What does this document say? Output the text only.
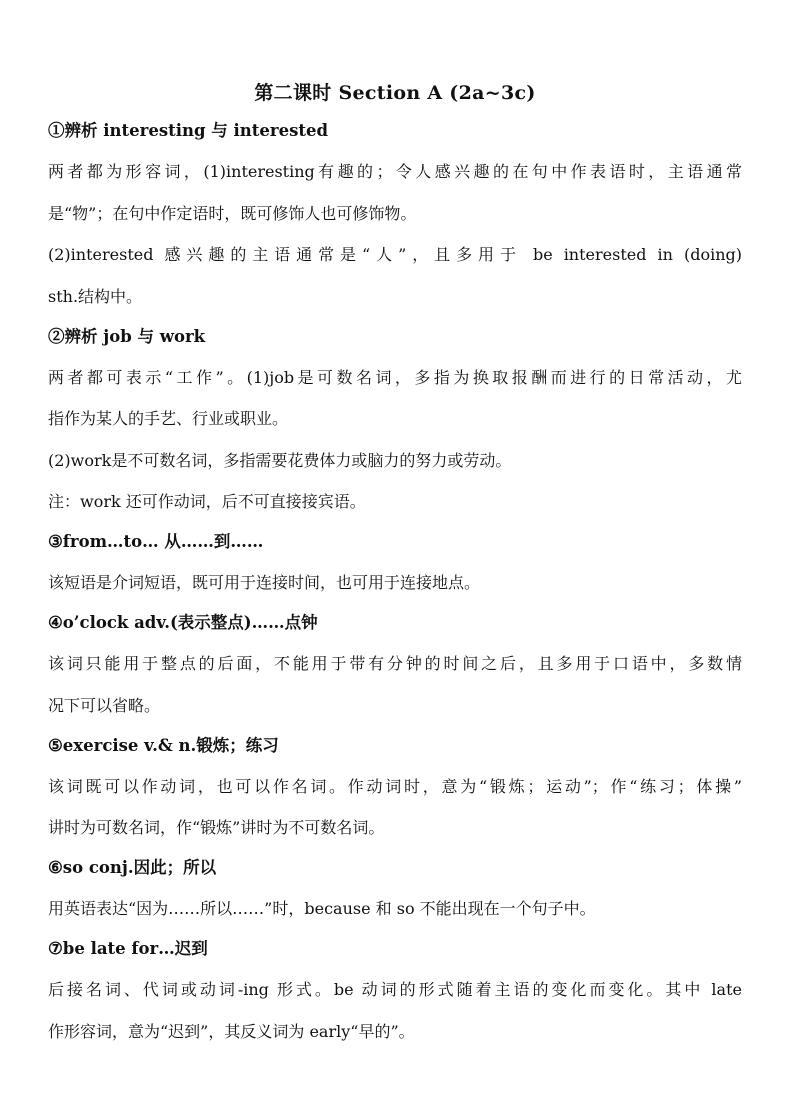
第二课时 Section A (2a~3c)
①辨析 interesting 与 interested
两者都为形容词，(1)interesting有趣的；令人感兴趣的在句中作表语时，主语通常
是“物”；在句中作定语时，既可修饰人也可修饰物。
(2)interested 感兴趣的主语通常是“人”，且多用于 be interested in (doing)
sth.结构中。
②辨析 job 与 work
两者都可表示“工作”。(1)job是可数名词，多指为换取报酬而进行的日常活动，尤
指作为某人的手艺、行业或职业。
(2)work是不可数名词，多指需要花费体力或脑力的努力或劳动。
注：work 还可作动词，后不可直接接宾语。
③from…to… 从……到……
该短语是介词短语，既可用于连接时间，也可用于连接地点。
④o’clock adv.(表示整点)……点钟
该词只能用于整点的后面，不能用于带有分钟的时间之后，且多用于口语中，多数情
况下可以省略。
⑤exercise v.& n.锻炼；练习
该词既可以作动词，也可以作名词。作动词时，意为“锻炼；运动”；作“练习；体操”
讲时为可数名词，作“锻炼”讲时为不可数名词。
⑥so conj.因此；所以
用英语表达“因为……所以……”时，because 和 so 不能出现在一个句子中。
⑦be late for…迟到
后接名词、代词或动词-ing 形式。be 动词的形式随着主语的变化而变化。其中 late
作形容词，意为“迟到”，其反义词为 early“早的”。
